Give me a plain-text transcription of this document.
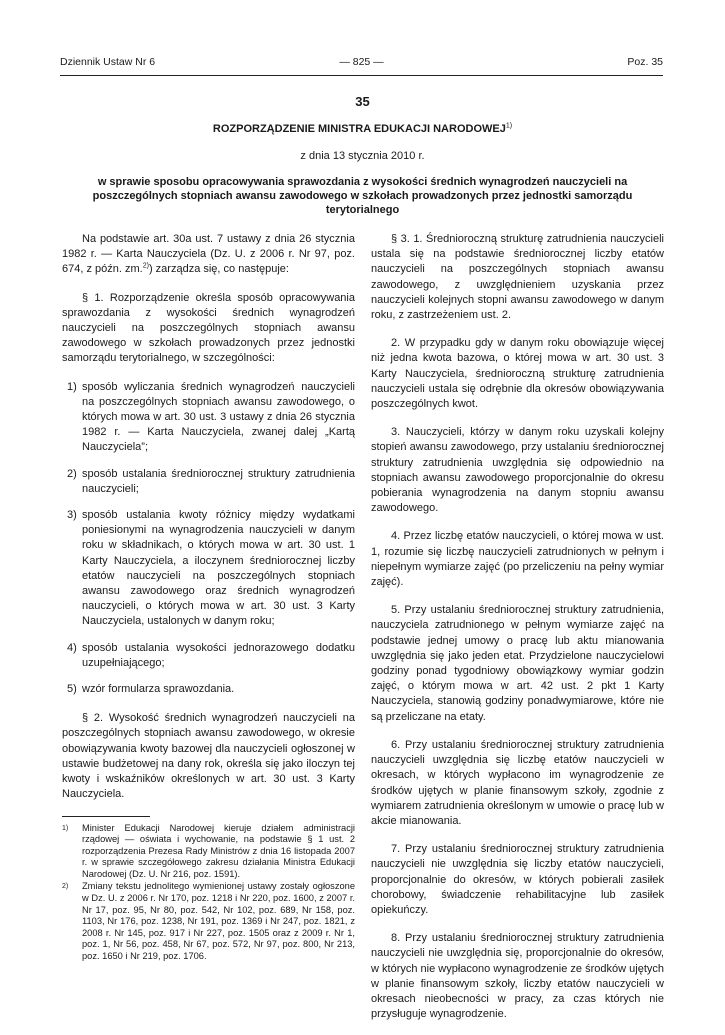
Dziennik Ustaw Nr 6	— 825 —	Poz. 35
35
ROZPORZĄDZENIE MINISTRA EDUKACJI NARODOWEJ$^{1)}$
z dnia 13 stycznia 2010 r.
w sprawie sposobu opracowywania sprawozdania z wysokości średnich wynagrodzeń nauczycieli na poszczególnych stopniach awansu zawodowego w szkołach prowadzonych przez jednostki samorządu terytorialnego

Na podstawie art. 30a ust. 7 ustawy z dnia 26 stycznia 1982 r. — Karta Nauczyciela (Dz. U. z 2006 r. Nr 97, poz. 674, z późn. zm.$^{2)}$) zarządza się, co następuje:

§ 1. Rozporządzenie określa sposób opracowywania sprawozdania z wysokości średnich wynagrodzeń nauczycieli na poszczególnych stopniach awansu zawodowego w szkołach prowadzonych przez jednostki samorządu terytorialnego, w szczególności:

1) sposób wyliczania średnich wynagrodzeń nauczycieli na poszczególnych stopniach awansu zawodowego, o których mowa w art. 30 ust. 3 ustawy z dnia 26 stycznia 1982 r. — Karta Nauczyciela, zwanej dalej „Kartą Nauczyciela”;
2) sposób ustalania średniorocznej struktury zatrudnienia nauczycieli;
3) sposób ustalania kwoty różnicy między wydatkami poniesionymi na wynagrodzenia nauczycieli w danym roku w składnikach, o których mowa w art. 30 ust. 1 Karty Nauczyciela, a iloczynem średniorocznej liczby etatów nauczycieli na poszczególnych stopniach awansu zawodowego oraz średnich wynagrodzeń nauczycieli, o których mowa w art. 30 ust. 3 Karty Nauczyciela, ustalonych w danym roku;
4) sposób ustalania wysokości jednorazowego dodatku uzupełniającego;
5) wzór formularza sprawozdania.

§ 2. Wysokość średnich wynagrodzeń nauczycieli na poszczególnych stopniach awansu zawodowego, w okresie obowiązywania kwoty bazowej dla nauczycieli ogłoszonej w ustawie budżetowej na dany rok, określa się jako iloczyn tej kwoty i wskaźników określonych w art. 30 ust. 3 Karty Nauczyciela.

1) Minister Edukacji Narodowej kieruje działem administracji rządowej — oświata i wychowanie, na podstawie § 1 ust. 2 rozporządzenia Prezesa Rady Ministrów z dnia 16 listopada 2007 r. w sprawie szczegółowego zakresu działania Ministra Edukacji Narodowej (Dz. U. Nr 216, poz. 1591).
2) Zmiany tekstu jednolitego wymienionej ustawy zostały ogłoszone w Dz. U. z 2006 r. Nr 170, poz. 1218 i Nr 220, poz. 1600, z 2007 r. Nr 17, poz. 95, Nr 80, poz. 542, Nr 102, poz. 689, Nr 158, poz. 1103, Nr 176, poz. 1238, Nr 191, poz. 1369 i Nr 247, poz. 1821, z 2008 r. Nr 145, poz. 917 i Nr 227, poz. 1505 oraz z 2009 r. Nr 1, poz. 1, Nr 56, poz. 458, Nr 67, poz. 572, Nr 97, poz. 800, Nr 213, poz. 1650 i Nr 219, poz. 1706.

§ 3. 1. Średnioroczną strukturę zatrudnienia nauczycieli ustala się na podstawie średniorocznej liczby etatów nauczycieli na poszczególnych stopniach awansu zawodowego, z uwzględnieniem uzyskania przez nauczycieli kolejnych stopni awansu zawodowego w danym roku, z zastrzeżeniem ust. 2.

2. W przypadku gdy w danym roku obowiązuje więcej niż jedna kwota bazowa, o której mowa w art. 30 ust. 3 Karty Nauczyciela, średnioroczną strukturę zatrudnienia nauczycieli ustala się odrębnie dla okresów obowiązywania poszczególnych kwot.

3. Nauczycieli, którzy w danym roku uzyskali kolejny stopień awansu zawodowego, przy ustalaniu średniorocznej struktury zatrudnienia uwzględnia się odpowiednio na stopniach awansu zawodowego proporcjonalnie do okresu pobierania wynagrodzenia na danym stopniu awansu zawodowego.

4. Przez liczbę etatów nauczycieli, o której mowa w ust. 1, rozumie się liczbę nauczycieli zatrudnionych w pełnym i niepełnym wymiarze zajęć (po przeliczeniu na pełny wymiar zajęć).

5. Przy ustalaniu średniorocznej struktury zatrudnienia, nauczyciela zatrudnionego w pełnym wymiarze zajęć na podstawie jednej umowy o pracę lub aktu mianowania uwzględnia się jako jeden etat. Przydzielone nauczycielowi godziny ponad tygodniowy obowiązkowy wymiar godzin zajęć, o którym mowa w art. 42 ust. 2 pkt 1 Karty Nauczyciela, stanowią godziny ponadwymiarowe, które nie są przeliczane na etaty.

6. Przy ustalaniu średniorocznej struktury zatrudnienia nauczycieli uwzględnia się liczbę etatów nauczycieli w okresach, w których wypłacono im wynagrodzenie ze środków ujętych w planie finansowym szkoły, zgodnie z wymiarem zatrudnienia określonym w umowie o pracę lub w akcie mianowania.

7. Przy ustalaniu średniorocznej struktury zatrudnienia nauczycieli nie uwzględnia się liczby etatów nauczycieli, proporcjonalnie do okresów, w których pobierali zasiłek chorobowy, świadczenie rehabilitacyjne lub zasiłek opiekuńczy.

8. Przy ustalaniu średniorocznej struktury zatrudnienia nauczycieli nie uwzględnia się, proporcjonalnie do okresów, w których nie wypłacono wynagrodzenie ze środków ujętych w planie finansowym szkoły, liczby etatów nauczycieli w okresach nieobecności w pracy, za czas których nie przysługuje wynagrodzenie.
